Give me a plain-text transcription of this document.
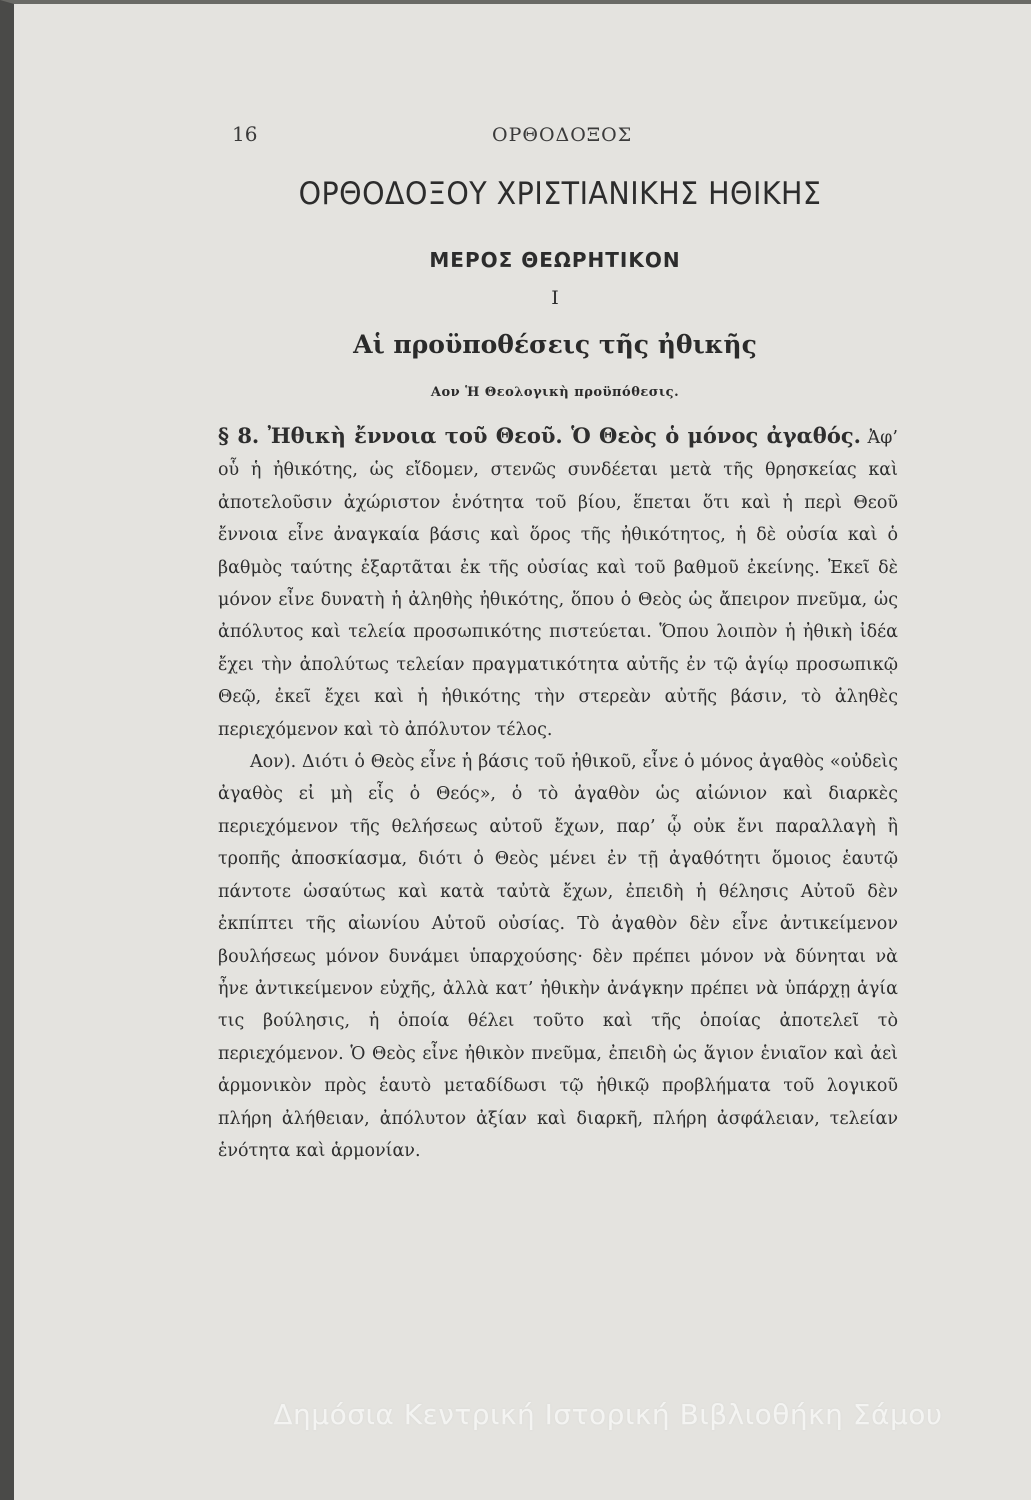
16	ΟΡΘΟΔΟΞΟΣ
ΟΡΘΟΔΟΞΟΥ ΧΡΙΣΤΙΑΝΙΚΗΣ ΗΘΙΚΗΣ
ΜΕΡΟΣ ΘΕΩΡΗΤΙΚΟΝ
Ι
Αἱ προϋποθέσεις τῆς ἠθικῆς
Αον Ἡ Θεολογικὴ προϋπόθεσις.

§ 8. Ἠθικὴ ἔννοια τοῦ Θεοῦ. Ὁ Θεὸς ὁ μόνος ἀγαθός. Ἀφ’ οὗ ἡ ἠθικότης, ὡς εἴδομεν, στενῶς συνδέεται μετὰ τῆς θρησκείας καὶ ἀποτελοῦσιν ἀχώριστον ἑνότητα τοῦ βίου, ἕπεται ὅτι καὶ ἡ περὶ Θεοῦ ἔννοια εἶνε ἀναγκαία βάσις καὶ ὅρος τῆς ἠθικότητος, ἡ δὲ οὐσία καὶ ὁ βαθμὸς ταύτης ἐξαρτᾶται ἐκ τῆς οὐσίας καὶ τοῦ βαθμοῦ ἐκείνης. Ἐκεῖ δὲ μόνον εἶνε δυνατὴ ἡ ἀληθὴς ἠθικότης, ὅπου ὁ Θεὸς ὡς ἄπειρον πνεῦμα, ὡς ἀπόλυτος καὶ τελεία προσωπικότης πιστεύεται. Ὅπου λοιπὸν ἡ ἠθικὴ ἰδέα ἔχει τὴν ἀπολύτως τελείαν πραγματικότητα αὐτῆς ἐν τῷ ἁγίῳ προσωπικῷ Θεῷ, ἐκεῖ ἔχει καὶ ἡ ἠθικότης τὴν στερεὰν αὐτῆς βάσιν, τὸ ἀληθὲς περιεχόμενον καὶ τὸ ἀπόλυτον τέλος.

Αον). Διότι ὁ Θεὸς εἶνε ἡ βάσις τοῦ ἠθικοῦ, εἶνε ὁ μόνος ἀγαθὸς «οὐδεὶς ἀγαθὸς εἰ μὴ εἷς ὁ Θεός», ὁ τὸ ἀγαθὸν ὡς αἰώνιον καὶ διαρκὲς περιεχόμενον τῆς θελήσεως αὐτοῦ ἔχων, παρ’ ᾧ οὐκ ἔνι παραλλαγὴ ἢ τροπῆς ἀποσκίασμα, διότι ὁ Θεὸς μένει ἐν τῇ ἀγαθότητι ὅμοιος ἑαυτῷ πάντοτε ὡσαύτως καὶ κατὰ ταὐτὰ ἔχων, ἐπειδὴ ἡ θέλησις Αὐτοῦ δὲν ἐκπίπτει τῆς αἰωνίου Αὐτοῦ οὐσίας. Τὸ ἀγαθὸν δὲν εἶνε ἀντικείμενον βουλήσεως μόνον δυνάμει ὑπαρχούσης· δὲν πρέπει μόνον νὰ δύνηται νὰ ἦνε ἀντικείμενον εὐχῆς, ἀλλὰ κατ’ ἠθικὴν ἀνάγκην πρέπει νὰ ὑπάρχῃ ἁγία τις βούλησις, ἡ ὁποία θέλει τοῦτο καὶ τῆς ὁποίας ἀποτελεῖ τὸ περιεχόμενον. Ὁ Θεὸς εἶνε ἠθικὸν πνεῦμα, ἐπειδὴ ὡς ἅγιον ἑνιαῖον καὶ ἀεὶ ἁρμονικὸν πρὸς ἑαυτὸ μεταδίδωσι τῷ ἠθικῷ προβλήματα τοῦ λογικοῦ πλήρη ἀλήθειαν, ἀπόλυτον ἀξίαν καὶ διαρκῆ, πλήρη ἀσφάλειαν, τελείαν ἑνότητα καὶ ἁρμονίαν.

Δημόσια Κεντρική Ιστορική Βιβλιοθήκη Σάμου
